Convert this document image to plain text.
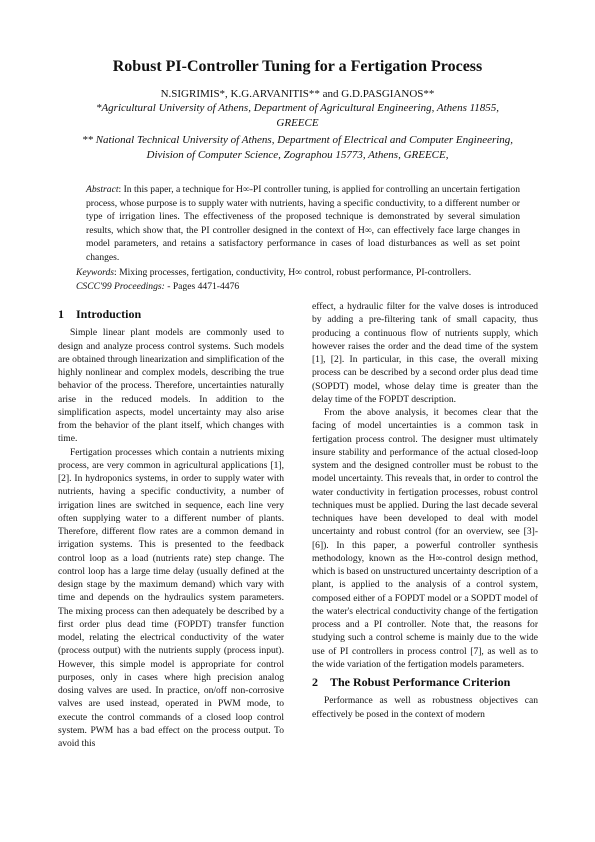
Robust PI-Controller Tuning for a Fertigation Process
N.SIGRIMIS*, K.G.ARVANITIS** and G.D.PASGIANOS**
*Agricultural University of Athens, Department of Agricultural Engineering, Athens 11855, GREECE
** National Technical University of Athens, Department of Electrical and Computer Engineering, Division of Computer Science, Zographou 15773, Athens, GREECE,
Abstract: In this paper, a technique for H∞-PI controller tuning, is applied for controlling an uncertain fertigation process, whose purpose is to supply water with nutrients, having a specific conductivity, to a different number or type of irrigation lines. The effectiveness of the proposed technique is demonstrated by several simulation results, which show that, the PI controller designed in the context of H∞, can effectively face large changes in model parameters, and retains a satisfactory performance in cases of load disturbances as well as set point changes.
Keywords: Mixing processes, fertigation, conductivity, H∞ control, robust performance, PI-controllers.
CSCC'99 Proceedings: - Pages 4471-4476
1 Introduction

Simple linear plant models are commonly used to design and analyze process control systems. Such models are obtained through linearization and simplification of the highly nonlinear and complex models, describing the true behavior of the process. Therefore, uncertainties naturally arise in the reduced models. In addition to the simplification aspects, model uncertainty may also arise from the behavior of the plant itself, which changes with time.

Fertigation processes which contain a nutrients mixing process, are very common in agricultural applications [1], [2]. In hydroponics systems, in order to supply water with nutrients, having a specific conductivity, a number of irrigation lines are switched in sequence, each line very often supplying water to a different number of plants. Therefore, different flow rates are a common demand in irrigation systems. This is presented to the feedback control loop as a load (nutrients rate) step change. The control loop has a large time delay (usually defined at the design stage by the maximum demand) which vary with time and depends on the hydraulics system parameters. The mixing process can then adequately be described by a first order plus dead time (FOPDT) transfer function model, relating the electrical conductivity of the water (process output) with the nutrients supply (process input). However, this simple model is appropriate for control purposes, only in cases where high precision analog dosing valves are used. In practice, on/off non-corrosive valves are used instead, operated in PWM mode, to execute the control commands of a closed loop control system. PWM has a bad effect on the process output. To avoid this

effect, a hydraulic filter for the valve doses is introduced by adding a pre-filtering tank of small capacity, thus producing a continuous flow of nutrients supply, which however raises the order and the dead time of the system [1], [2]. In particular, in this case, the overall mixing process can be described by a second order plus dead time (SOPDT) model, whose delay time is greater than the delay time of the FOPDT description.

From the above analysis, it becomes clear that the facing of model uncertainties is a common task in fertigation process control. The designer must ultimately insure stability and performance of the actual closed-loop system and the designed controller must be robust to the model uncertainty. This reveals that, in order to control the water conductivity in fertigation processes, robust control techniques must be applied. During the last decade several techniques have been developed to deal with model uncertainty and robust control (for an overview, see [3]-[6]). In this paper, a powerful controller synthesis methodology, known as the H∞-control design method, which is based on unstructured uncertainty description of a plant, is applied to the analysis of a control system, composed either of a FOPDT model or a SOPDT model of the water's electrical conductivity change of the fertigation process and a PI controller. Note that, the reasons for studying such a control scheme is mainly due to the wide use of PI controllers in process control [7], as well as to the wide variation of the fertigation models parameters.

2 The Robust Performance Criterion

Performance as well as robustness objectives can effectively be posed in the context of modern
